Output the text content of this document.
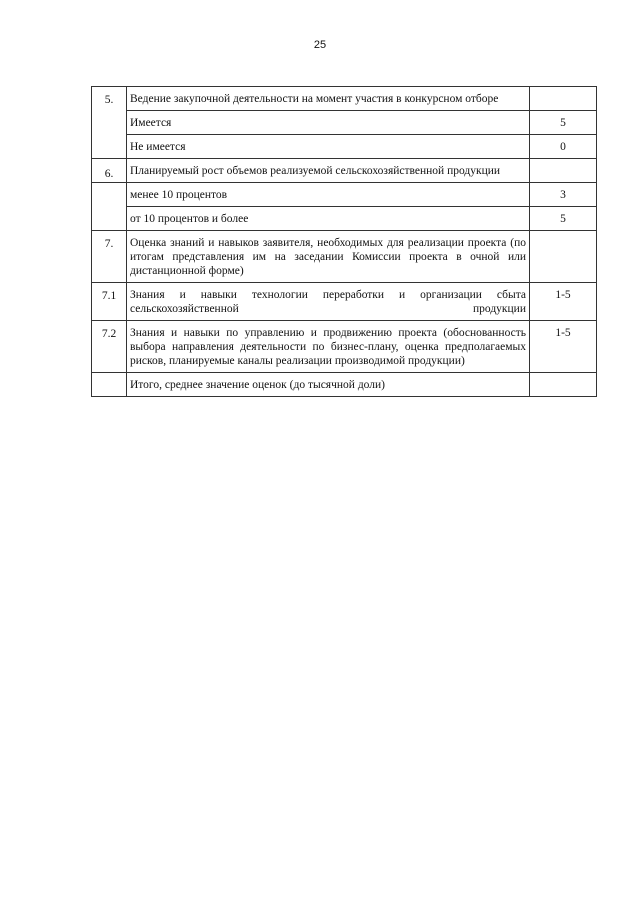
25
5.	Ведение закупочной деятельности на момент участия в конкурсном отборе	
	Имеется	5
	Не имеется	0
6.	Планируемый рост объемов реализуемой сельскохозяйственной продукции	
	менее 10 процентов	3
	от 10 процентов и более	5
7.	Оценка знаний и навыков заявителя, необходимых для реализации проекта (по итогам представления им на заседании Комиссии проекта в очной или дистанционной форме)	
7.1	Знания и навыки технологии переработки и организации сбыта сельскохозяйственной продукции	1-5
7.2	Знания и навыки по управлению и продвижению проекта (обоснованность выбора направления деятельности по бизнес-плану, оценка предполагаемых рисков, планируемые каналы реализации производимой продукции)	1-5
	Итого, среднее значение оценок (до тысячной доли)	
